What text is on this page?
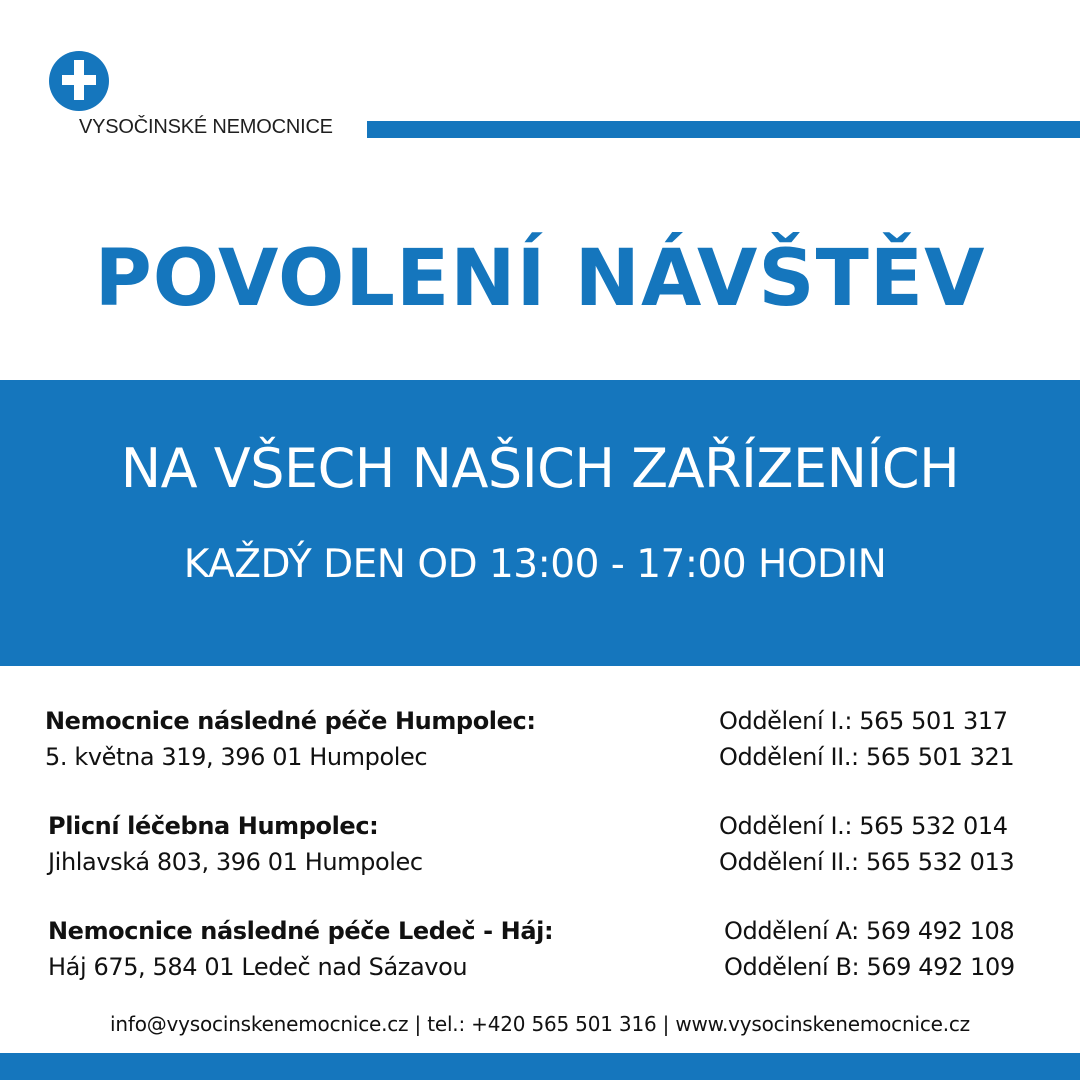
VYSOČINSKÉ NEMOCNICE
POVOLENÍ NÁVŠTĚV
NA VŠECH NAŠICH ZAŘÍZENÍCH
KAŽDÝ DEN OD 13:00 - 17:00 HODIN
Nemocnice následné péče Humpolec:
5. května 319, 396 01 Humpolec
Oddělení I.: 565 501 317
Oddělení II.: 565 501 321
Plicní léčebna Humpolec:
Jihlavská 803, 396 01 Humpolec
Oddělení I.: 565 532 014
Oddělení II.: 565 532 013
Nemocnice následné péče Ledeč - Háj:
Háj 675, 584 01 Ledeč nad Sázavou
Oddělení A: 569 492 108
Oddělení B: 569 492 109
info@vysocinskenemocnice.cz | tel.: +420 565 501 316 | www.vysocinskenemocnice.cz
